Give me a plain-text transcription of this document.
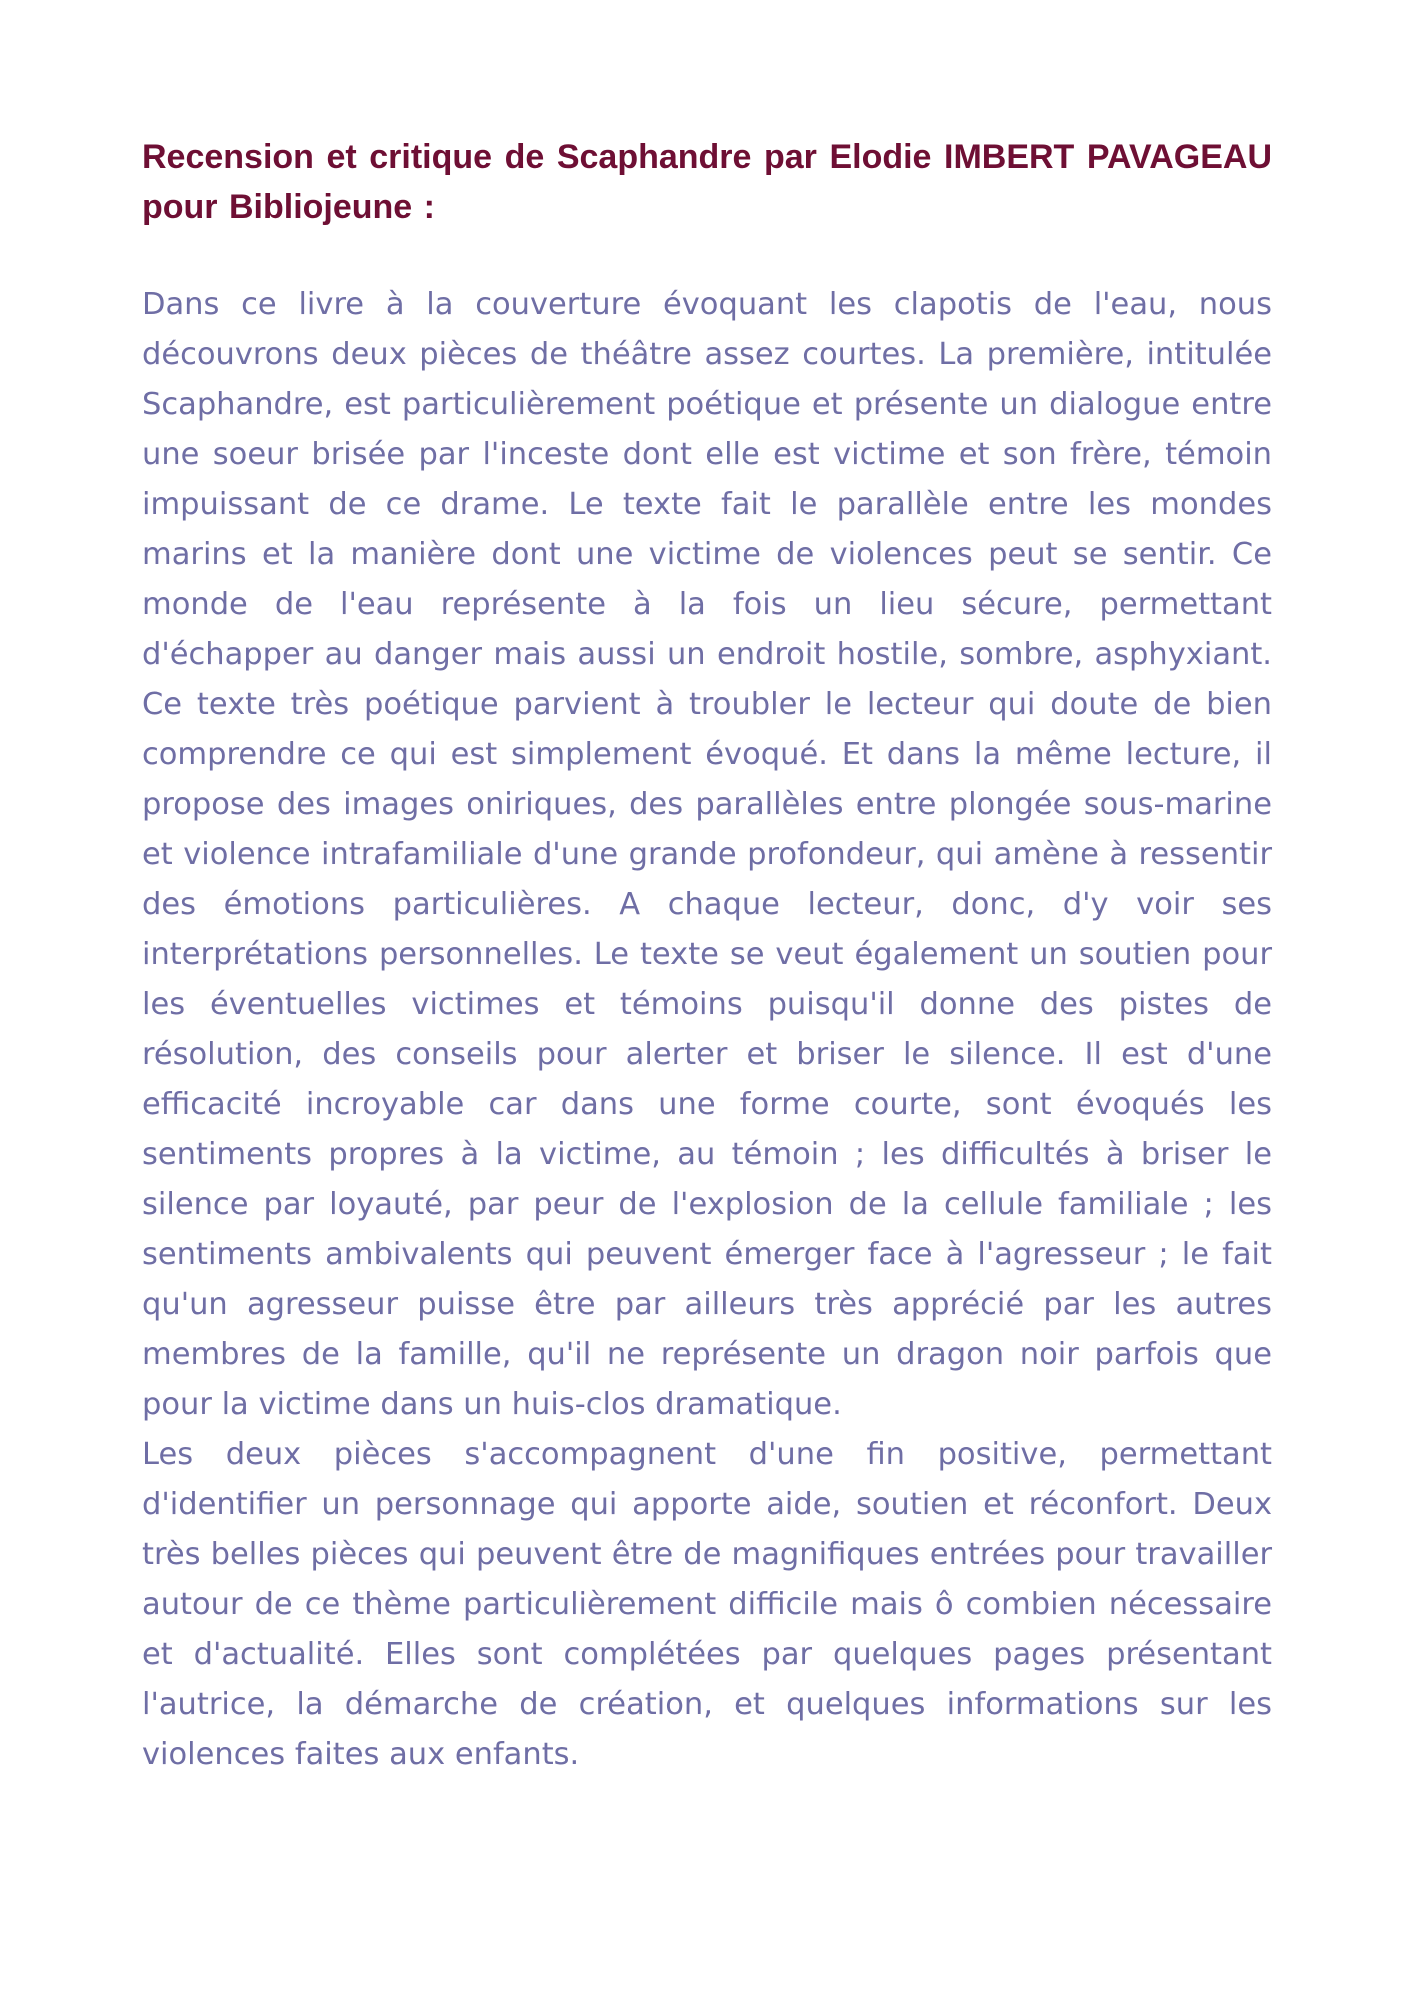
Recension et critique de Scaphandre par Elodie IMBERT PAVAGEAU pour Bibliojeune :

Dans ce livre à la couverture évoquant les clapotis de l'eau, nous découvrons deux pièces de théâtre assez courtes. La première, intitulée Scaphandre, est particulièrement poétique et présente un dialogue entre une soeur brisée par l'inceste dont elle est victime et son frère, témoin impuissant de ce drame. Le texte fait le parallèle entre les mondes marins et la manière dont une victime de violences peut se sentir. Ce monde de l'eau représente à la fois un lieu sécure, permettant d'échapper au danger mais aussi un endroit hostile, sombre, asphyxiant. Ce texte très poétique parvient à troubler le lecteur qui doute de bien comprendre ce qui est simplement évoqué. Et dans la même lecture, il propose des images oniriques, des parallèles entre plongée sous-marine et violence intrafamiliale d'une grande profondeur, qui amène à ressentir des émotions particulières. A chaque lecteur, donc, d'y voir ses interprétations personnelles. Le texte se veut également un soutien pour les éventuelles victimes et témoins puisqu'il donne des pistes de résolution, des conseils pour alerter et briser le silence. Il est d'une efficacité incroyable car dans une forme courte, sont évoqués les sentiments propres à la victime, au témoin ; les difficultés à briser le silence par loyauté, par peur de l'explosion de la cellule familiale ; les sentiments ambivalents qui peuvent émerger face à l'agresseur ; le fait qu'un agresseur puisse être par ailleurs très apprécié par les autres membres de la famille, qu'il ne représente un dragon noir parfois que pour la victime dans un huis-clos dramatique.

Les deux pièces s'accompagnent d'une fin positive, permettant d'identifier un personnage qui apporte aide, soutien et réconfort. Deux très belles pièces qui peuvent être de magnifiques entrées pour travailler autour de ce thème particulièrement difficile mais ô combien nécessaire et d'actualité. Elles sont complétées par quelques pages présentant l'autrice, la démarche de création, et quelques informations sur les violences faites aux enfants.
